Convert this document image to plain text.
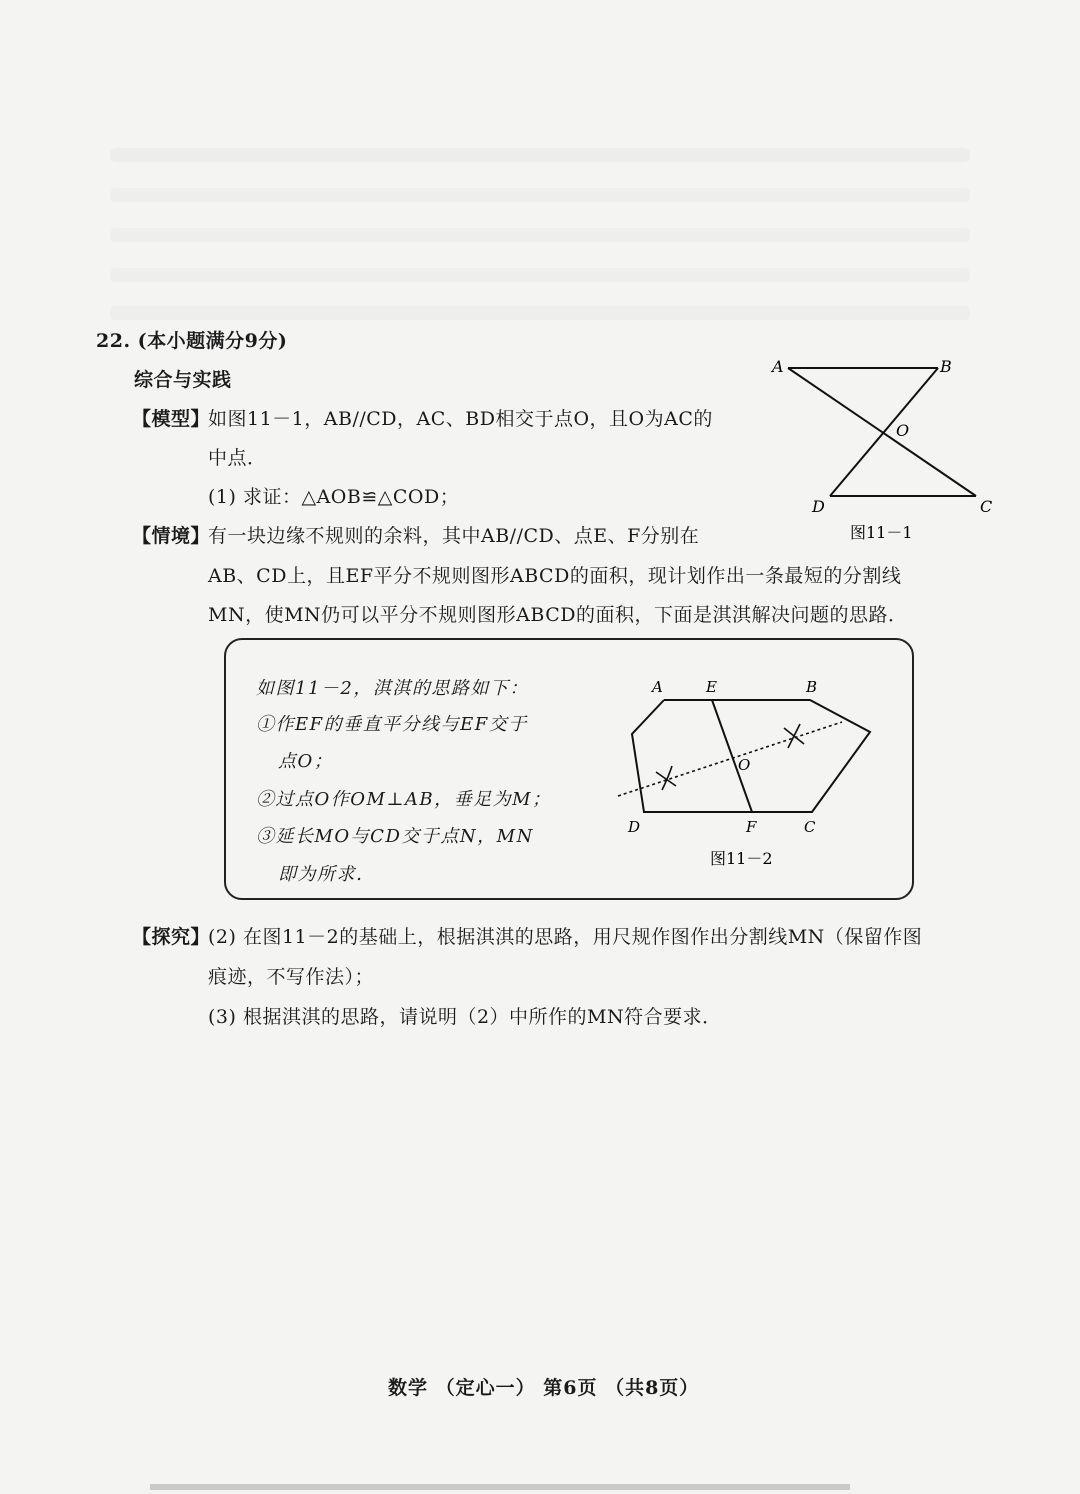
22. (本小题满分9分)
综合与实践
【模型】
如图11－1，AB//CD，AC、BD相交于点O，且O为AC的
中点．
(1) 求证：△AOB≌△COD；
【情境】
有一块边缘不规则的余料，其中AB//CD、点E、F分别在
AB、CD上，且EF平分不规则图形ABCD的面积，现计划作出一条最短的分割线
MN，使MN仍可以平分不规则图形ABCD的面积，下面是淇淇解决问题的思路．
A	B
O
D	C
图11－1
如图11－2，淇淇的思路如下：
①作EF的垂直平分线与EF交于
点O；
②过点O作OM⊥AB，垂足为M；
③延长MO与CD交于点N，MN
即为所求．
A	E	B
O
D	F	C
图11－2
【探究】
(2) 在图11－2的基础上，根据淇淇的思路，用尺规作图作出分割线MN（保留作图
痕迹，不写作法）；
(3) 根据淇淇的思路，请说明（2）中所作的MN符合要求．
数学 （定心一） 第6页 （共8页）
